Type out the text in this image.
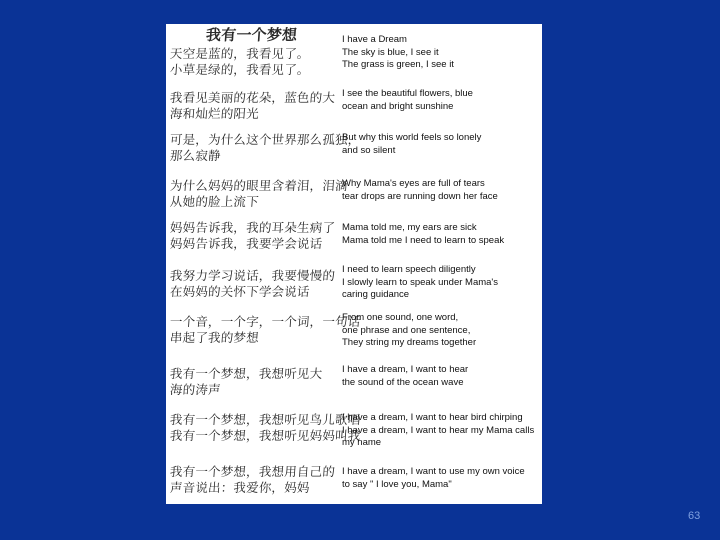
我有一个梦想
天空是蓝的，我看见了。
小草是绿的，我看见了。
我看见美丽的花朵，蓝色的大
海和灿烂的阳光
可是，为什么这个世界那么孤独，
那么寂静
为什么妈妈的眼里含着泪，泪滴
从她的脸上流下
妈妈告诉我，我的耳朵生病了
妈妈告诉我，我要学会说话
我努力学习说话，我要慢慢的
在妈妈的关怀下学会说话
一个音，一个字，一个词，一句话
串起了我的梦想
我有一个梦想，我想听见大
海的涛声
我有一个梦想，我想听见鸟儿歌唱
我有一个梦想，我想听见妈妈叫我
我有一个梦想，我想用自己的
声音说出：我爱你，妈妈
I have a Dream
The sky is blue, I see it
The grass is green, I see it
I see the beautiful flowers, blue
ocean and bright sunshine
But why this world feels so lonely
and so silent
Why Mama's eyes are full of tears
tear drops are running down her face
Mama told me, my ears are sick
Mama told me I need to learn to speak
I need to learn speech diligently
I slowly learn to speak under Mama's
caring guidance
From one sound, one word,
one phrase and one sentence,
They string my dreams together
I have a dream, I want to hear
the sound of the ocean wave
I have a dream, I want to hear bird chirping
I have a dream, I want to hear my Mama calls
my name
I have a dream, I want to use my own voice
to say " I love you, Mama"
63
